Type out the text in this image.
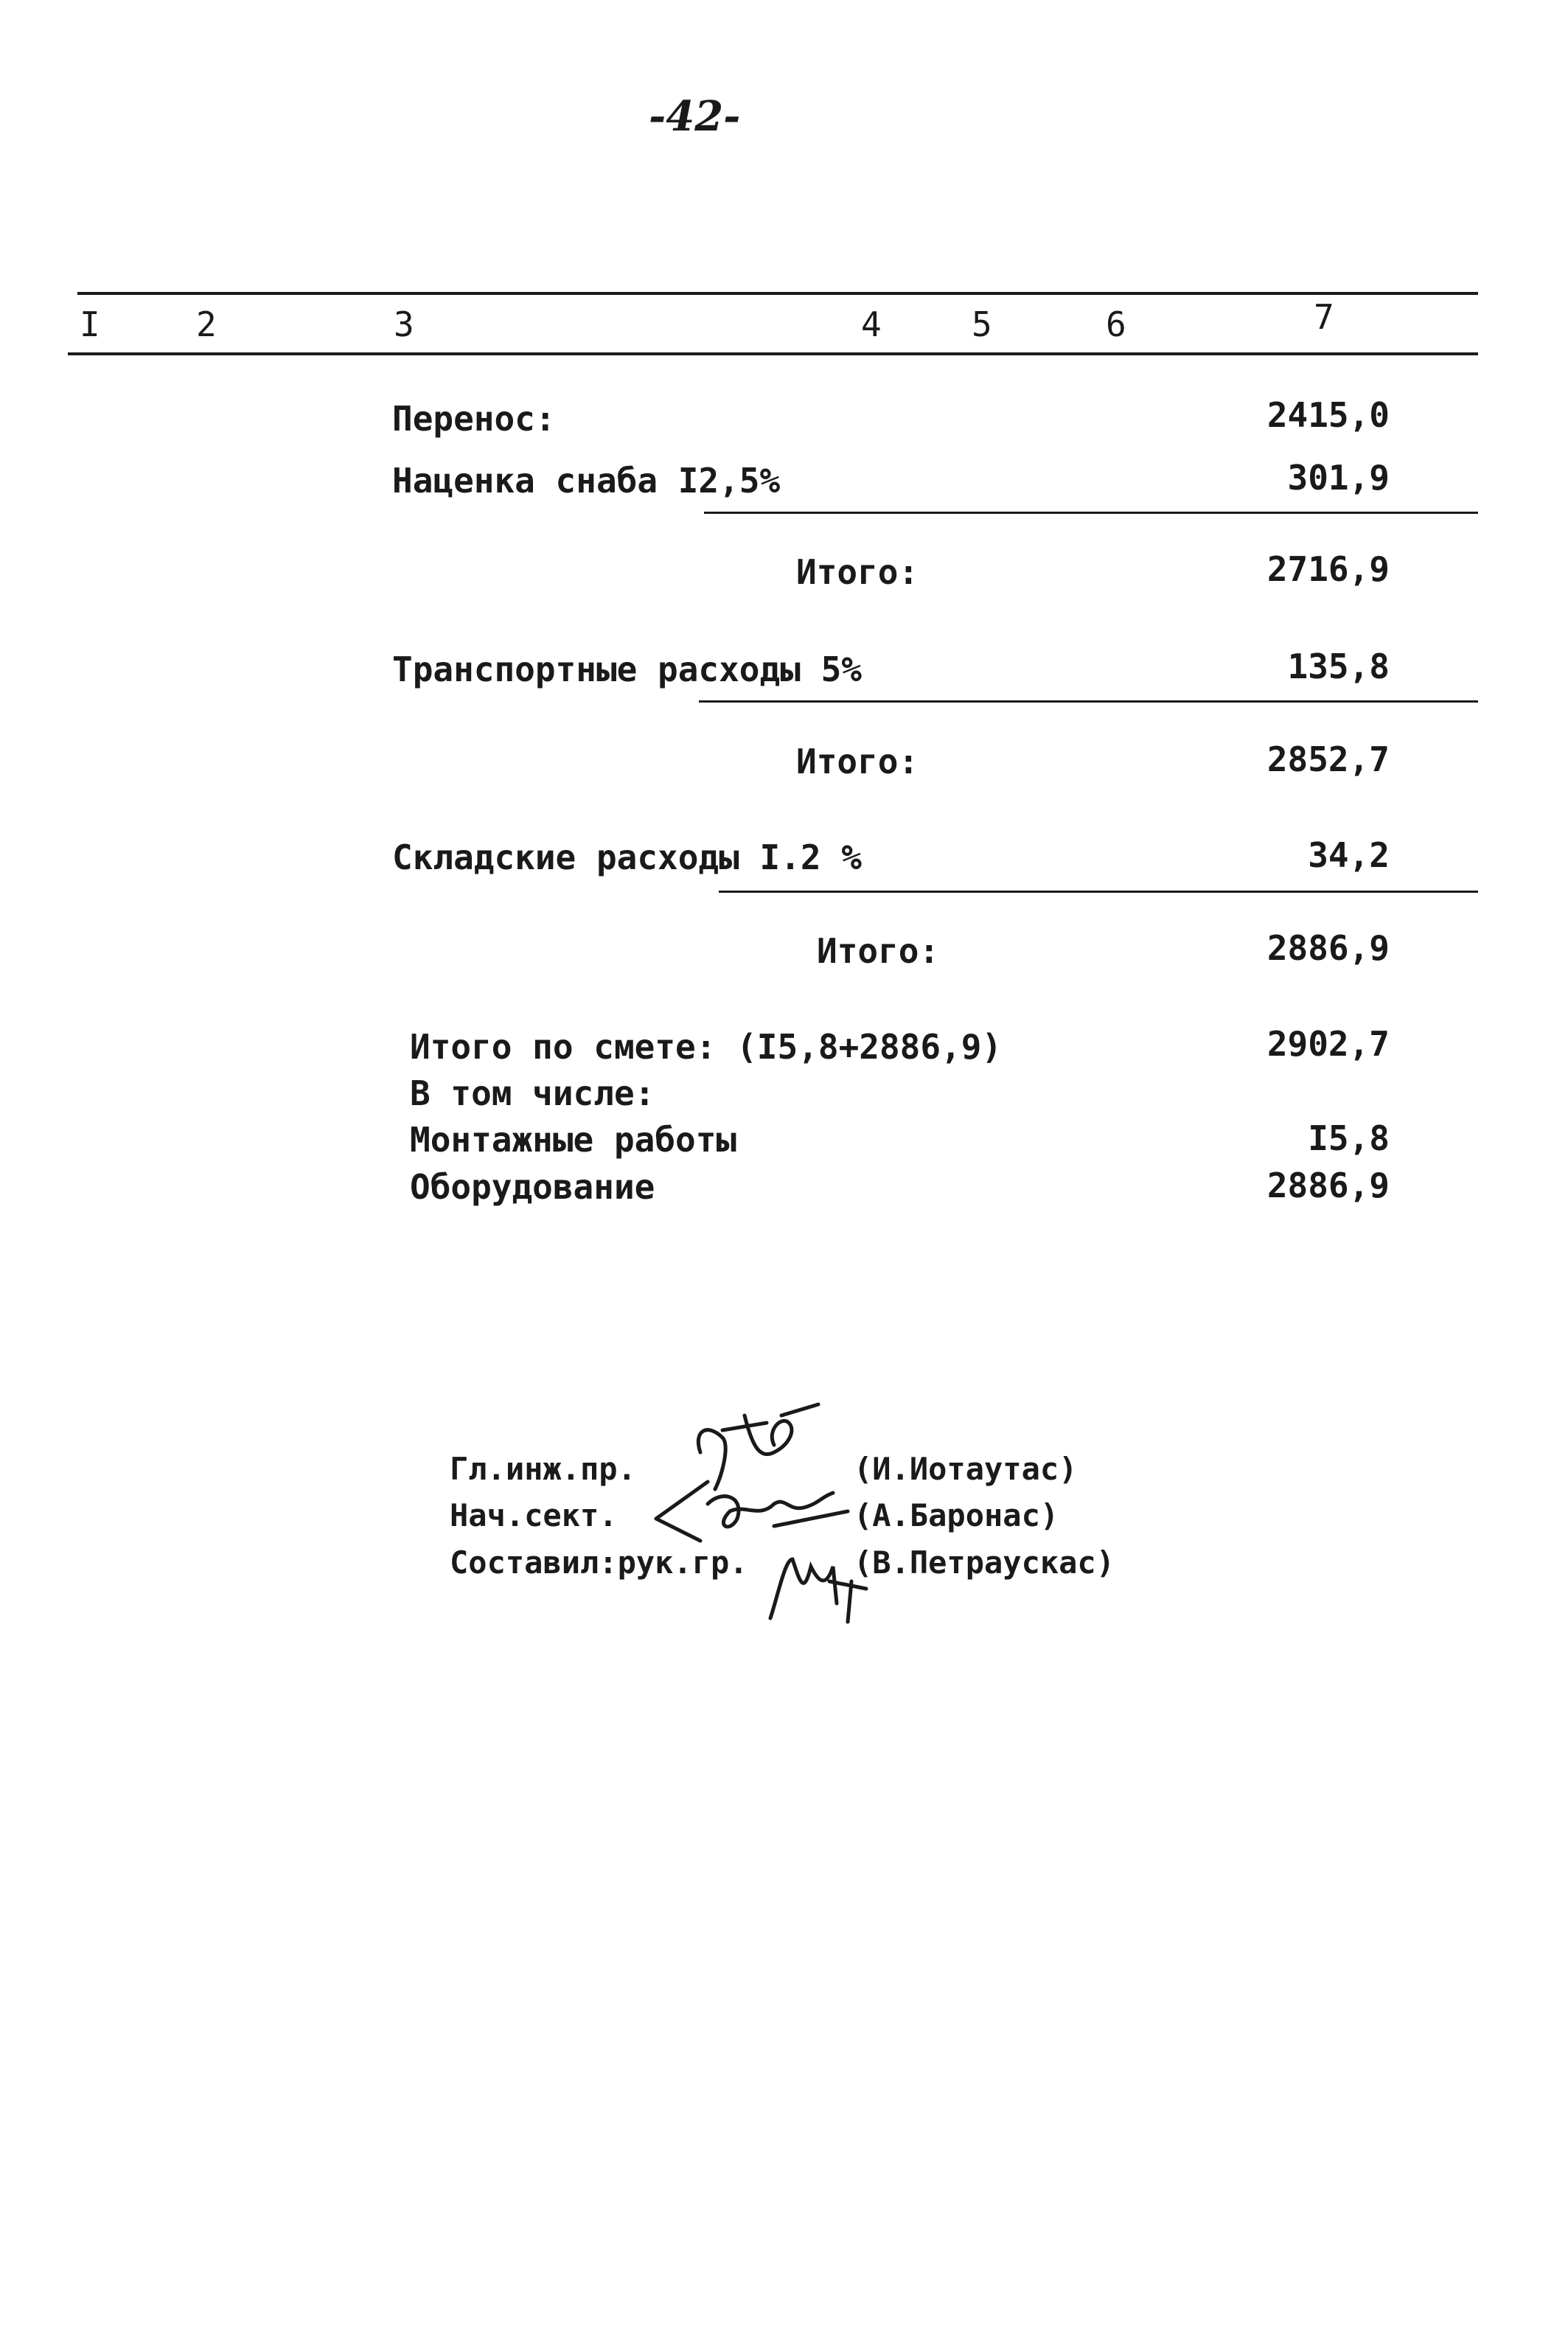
-42-
I	2	3	4	5	6	7
Перенос:	2415,0
Наценка снаба I2,5%	301,9
Итого:	2716,9
Транспортные расходы 5%	135,8
Итого:	2852,7
Складские расходы I.2 %	34,2
Итого:	2886,9
Итого по смете: (I5,8+2886,9)	2902,7
В том числе:
Монтажные работы	I5,8
Оборудование	2886,9
Гл.инж.пр.	(И.Иотаутас)
Нач.сект.	(А.Баронас)
Составил:рук.гр.	(В.Петраускас)
